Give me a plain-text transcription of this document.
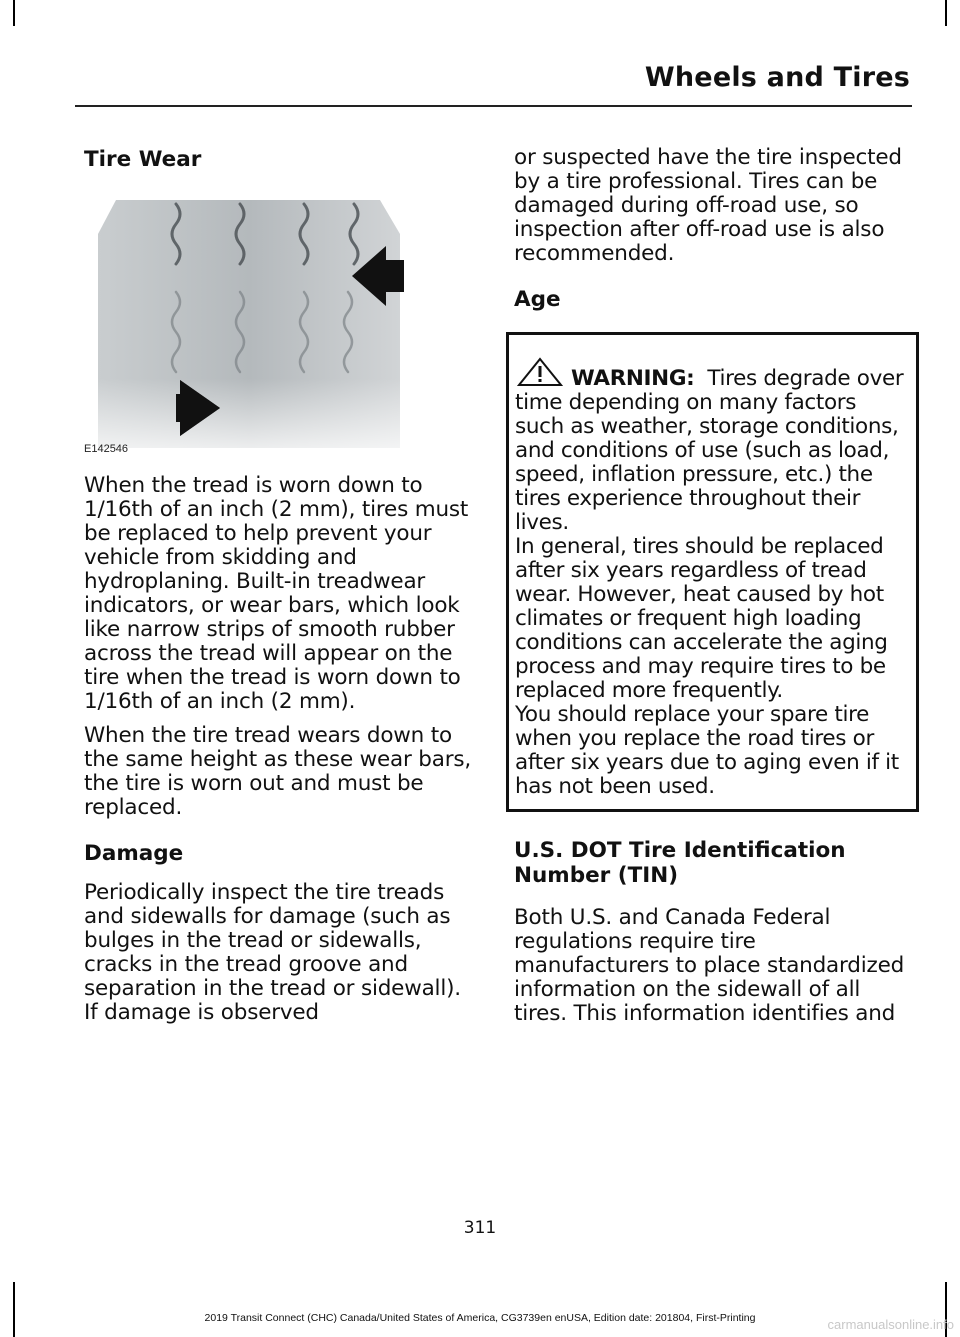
Wheels and Tires
Tire Wear
E142546

When the tread is worn down to 1/16th of an inch (2 mm), tires must be replaced to help prevent your vehicle from skidding and hydroplaning. Built-in treadwear indicators, or wear bars, which look like narrow strips of smooth rubber across the tread will appear on the tire when the tread is worn down to 1/16th of an inch (2 mm).

When the tire tread wears down to the same height as these wear bars, the tire is worn out and must be replaced.

Damage

Periodically inspect the tire treads and sidewalls for damage (such as bulges in the tread or sidewalls, cracks in the tread groove and separation in the tread or sidewall). If damage is observed

or suspected have the tire inspected by a tire professional. Tires can be damaged during off-road use, so inspection after off-road use is also recommended.

Age

WARNING: Tires degrade over time depending on many factors such as weather, storage conditions, and conditions of use (such as load, speed, inflation pressure, etc.) the tires experience throughout their lives.

In general, tires should be replaced after six years regardless of tread wear. However, heat caused by hot climates or frequent high loading conditions can accelerate the aging process and may require tires to be replaced more frequently.

You should replace your spare tire when you replace the road tires or after six years due to aging even if it has not been used.

U.S. DOT Tire Identification Number (TIN)

Both U.S. and Canada Federal regulations require tire manufacturers to place standardized information on the sidewall of all tires. This information identifies and

311
2019 Transit Connect (CHC) Canada/United States of America, CG3739en enUSA, Edition date: 201804, First-Printing	carmanualsonline.info
